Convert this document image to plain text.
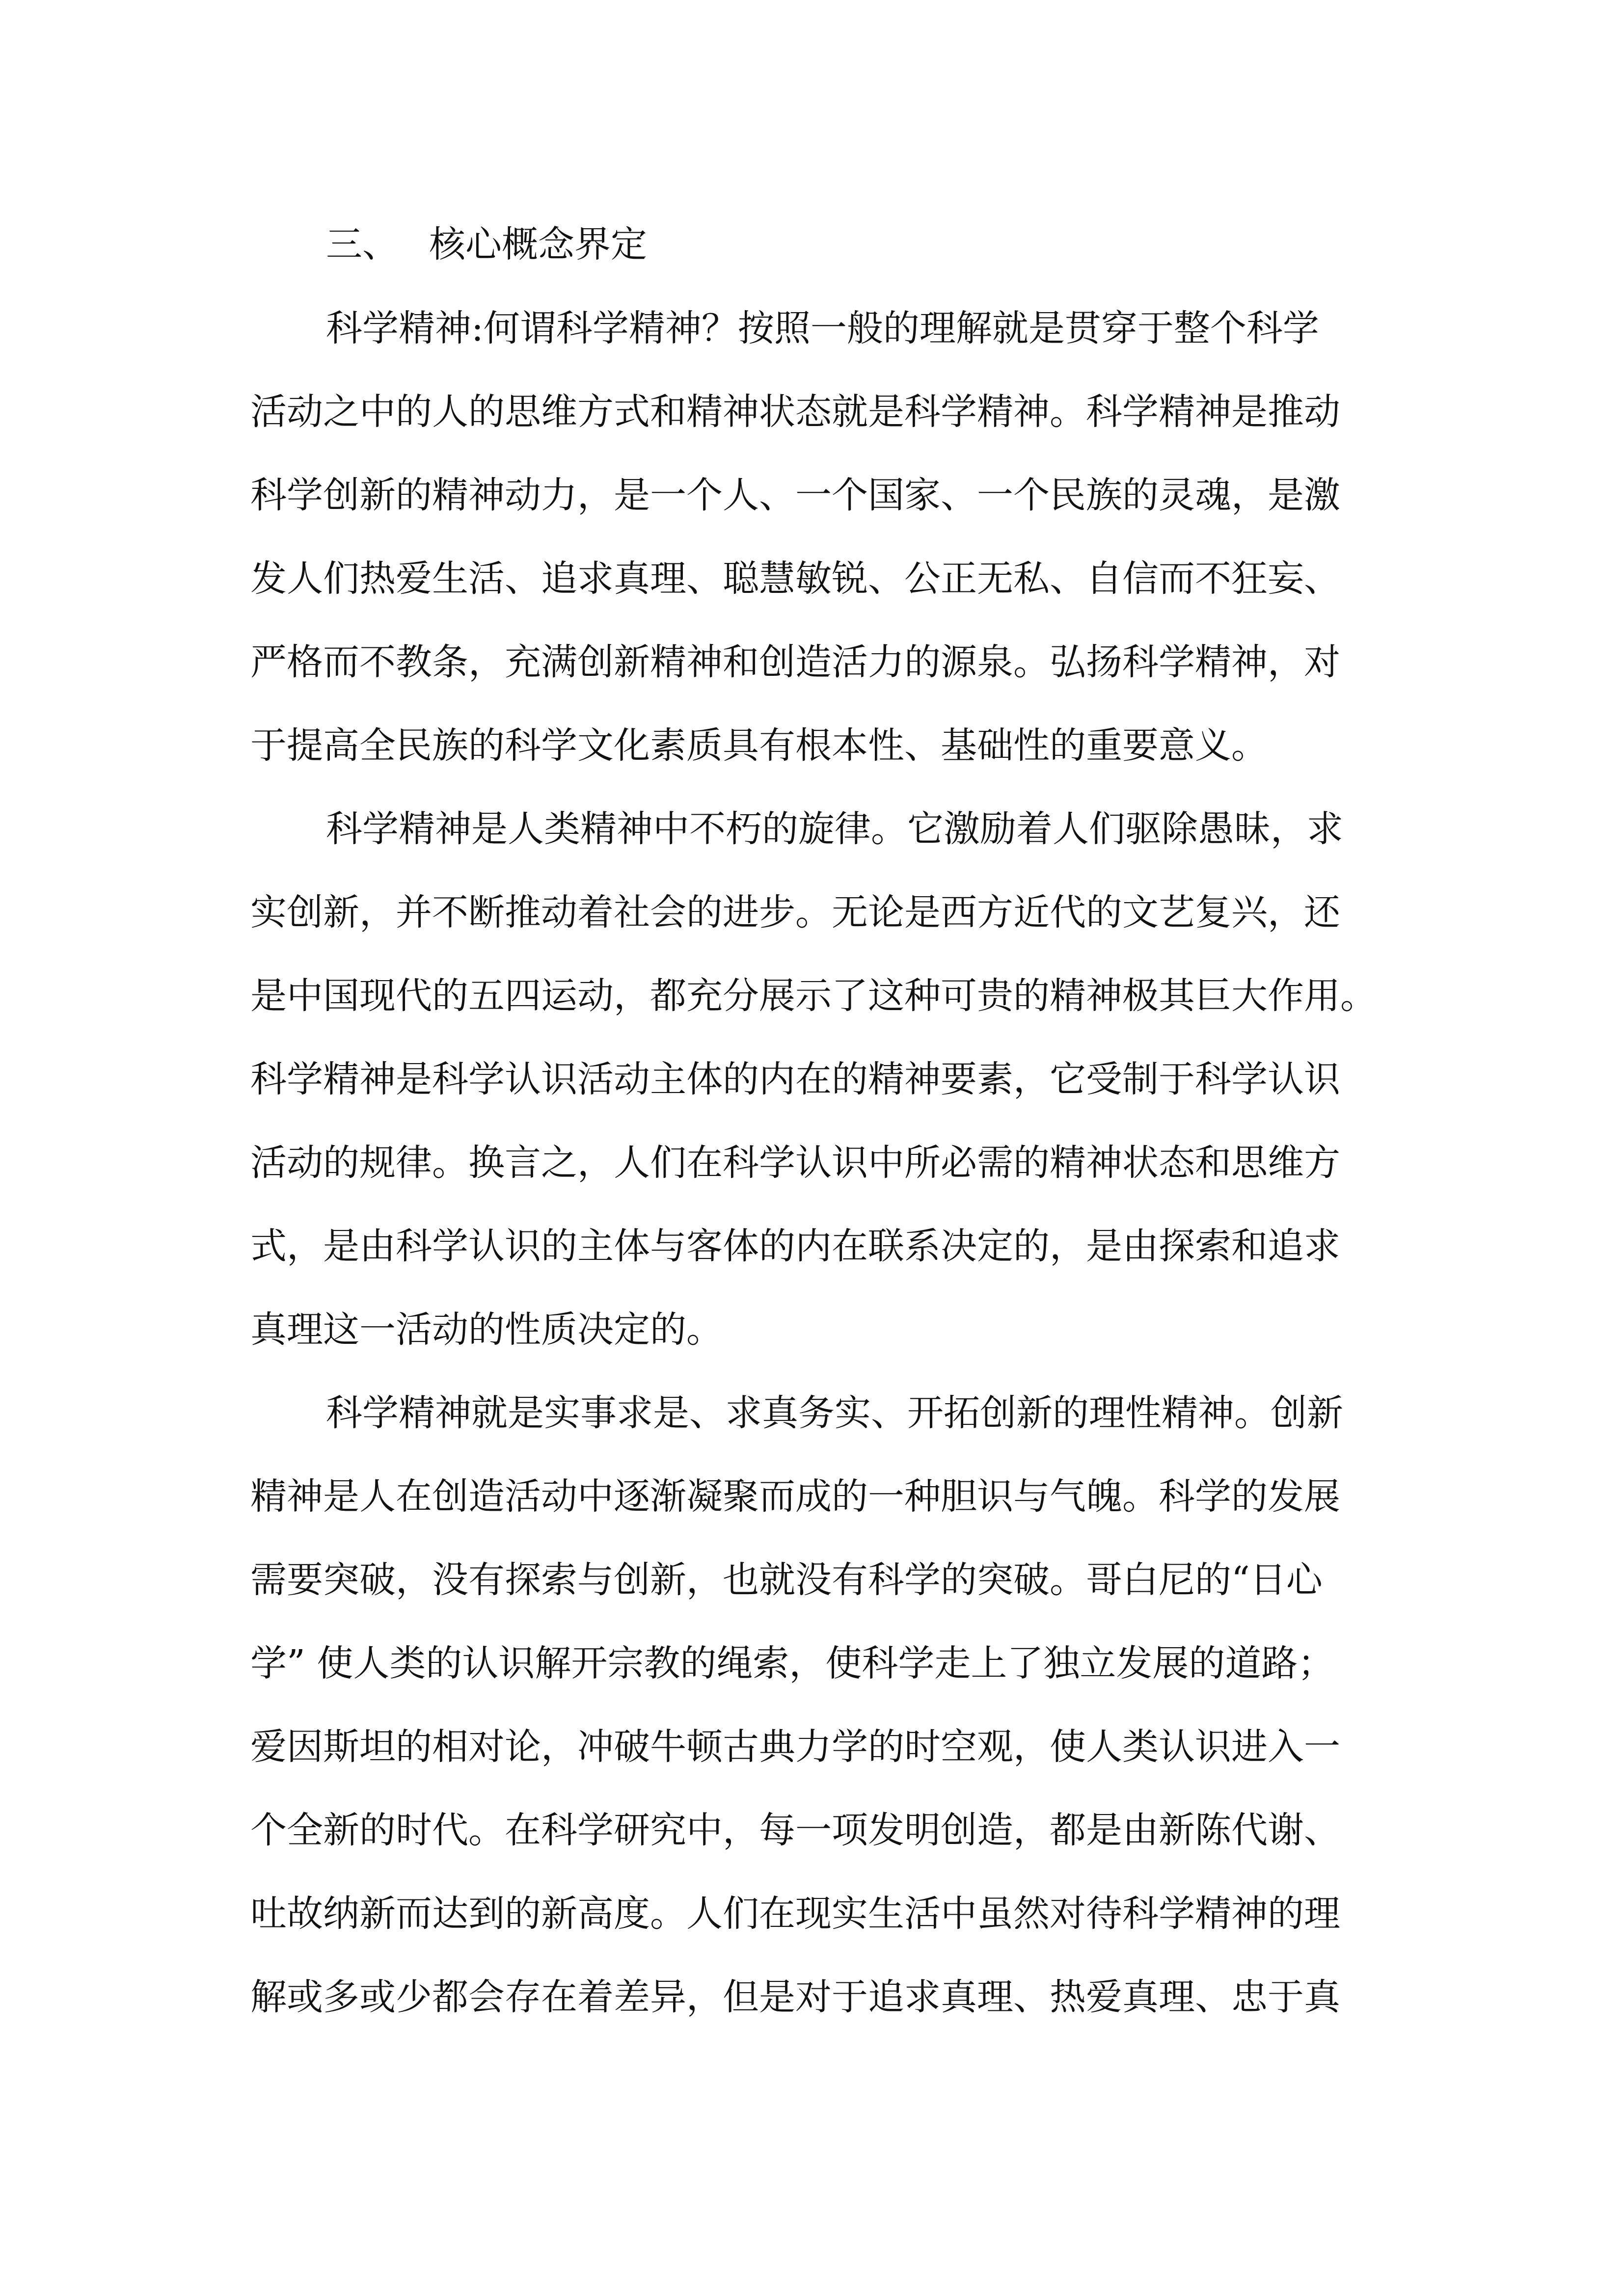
三、 核心概念界定
科学精神:何谓科学精神？按照一般的理解就是贯穿于整个科学
活动之中的人的思维方式和精神状态就是科学精神。科学精神是推动
科学创新的精神动力，是一个人、一个国家、一个民族的灵魂，是激
发人们热爱生活、追求真理、聪慧敏锐、公正无私、自信而不狂妄、
严格而不教条，充满创新精神和创造活力的源泉。弘扬科学精神，对
于提高全民族的科学文化素质具有根本性、基础性的重要意义。
科学精神是人类精神中不朽的旋律。它激励着人们驱除愚昧，求
实创新，并不断推动着社会的进步。无论是西方近代的文艺复兴，还
是中国现代的五四运动，都充分展示了这种可贵的精神极其巨大作用。
科学精神是科学认识活动主体的内在的精神要素，它受制于科学认识
活动的规律。换言之，人们在科学认识中所必需的精神状态和思维方
式，是由科学认识的主体与客体的内在联系决定的，是由探索和追求
真理这一活动的性质决定的。
科学精神就是实事求是、求真务实、开拓创新的理性精神。创新
精神是人在创造活动中逐渐凝聚而成的一种胆识与气魄。科学的发展
需要突破，没有探索与创新，也就没有科学的突破。哥白尼的“日心
学” 使人类的认识解开宗教的绳索，使科学走上了独立发展的道路；
爱因斯坦的相对论，冲破牛顿古典力学的时空观，使人类认识进入一
个全新的时代。在科学研究中，每一项发明创造，都是由新陈代谢、
吐故纳新而达到的新高度。人们在现实生活中虽然对待科学精神的理
解或多或少都会存在着差异，但是对于追求真理、热爱真理、忠于真
